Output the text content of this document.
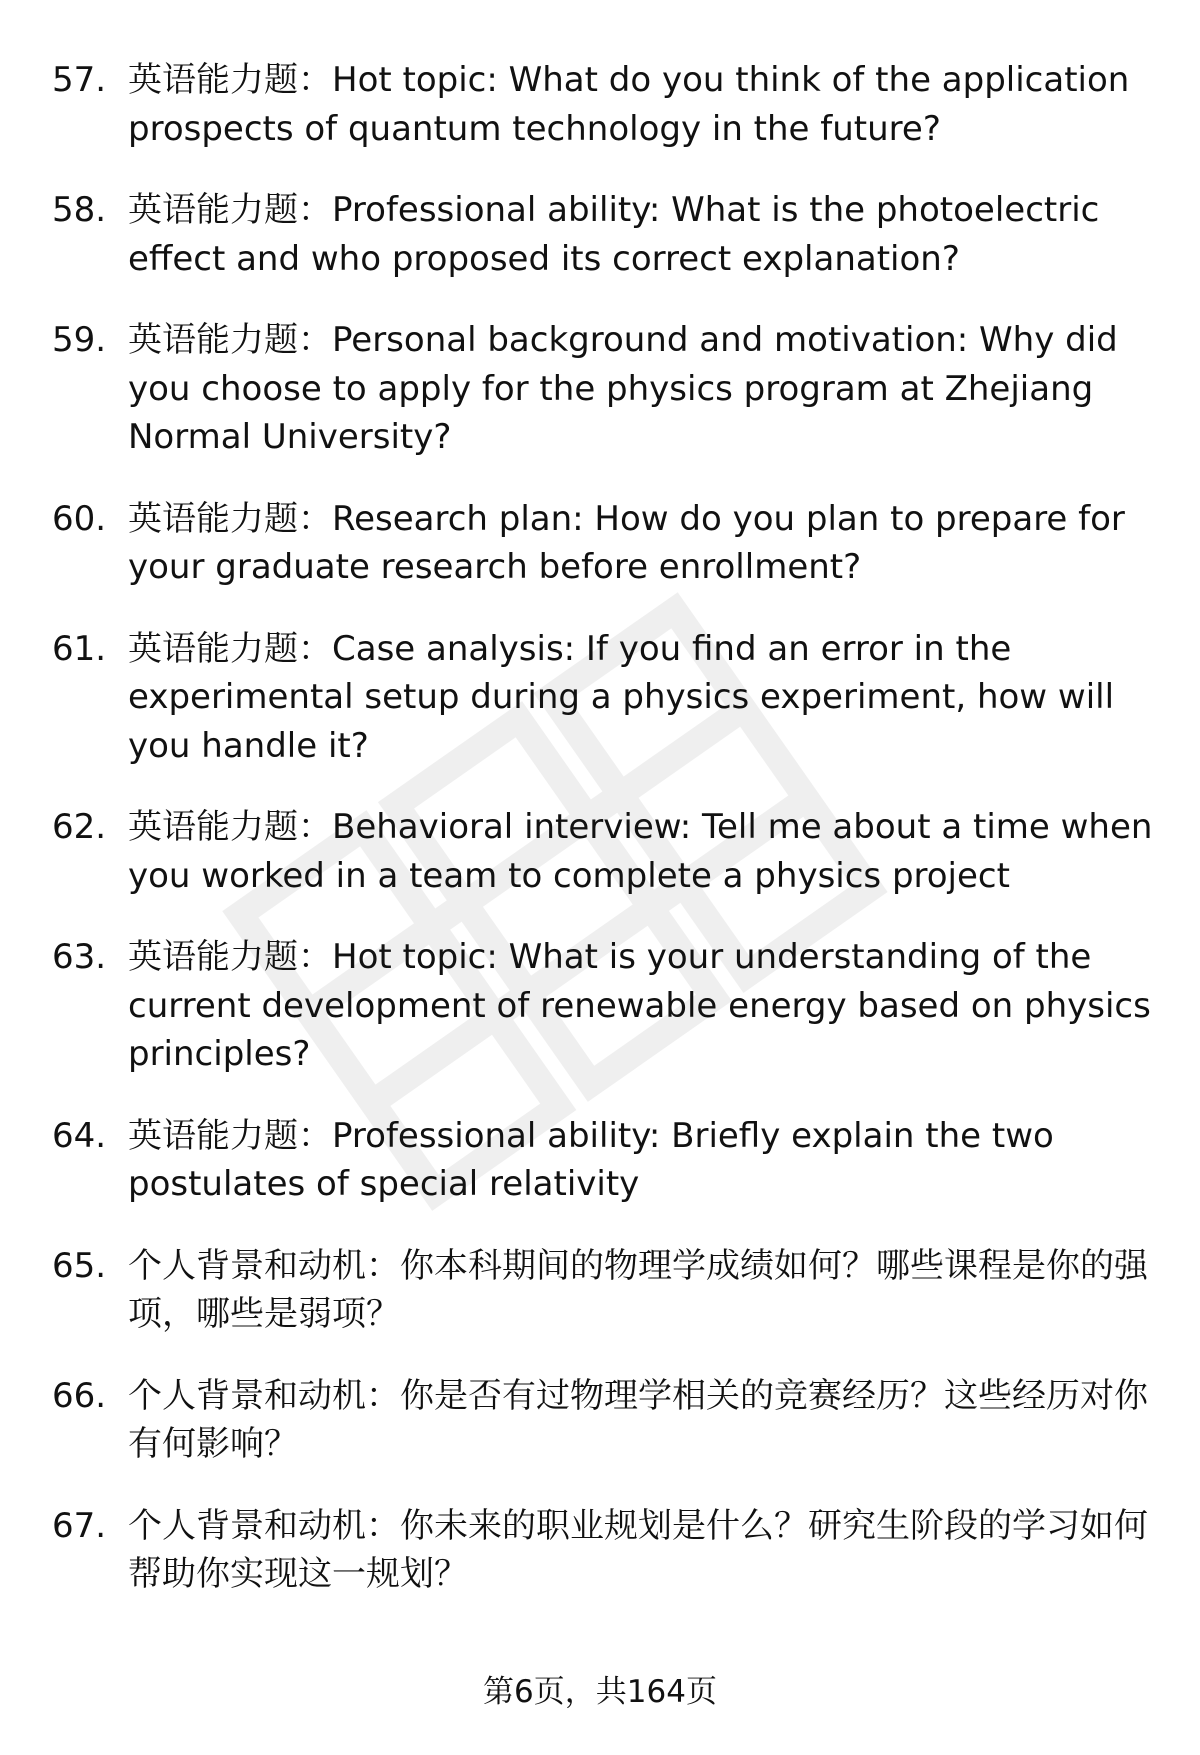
57. 英语能力题：Hot topic: What do you think of the application prospects of quantum technology in the future?
58. 英语能力题：Professional ability: What is the photoelectric effect and who proposed its correct explanation?
59. 英语能力题：Personal background and motivation: Why did you choose to apply for the physics program at Zhejiang Normal University?
60. 英语能力题：Research plan: How do you plan to prepare for your graduate research before enrollment?
61. 英语能力题：Case analysis: If you find an error in the experimental setup during a physics experiment, how will you handle it?
62. 英语能力题：Behavioral interview: Tell me about a time when you worked in a team to complete a physics project
63. 英语能力题：Hot topic: What is your understanding of the current development of renewable energy based on physics principles?
64. 英语能力题：Professional ability: Briefly explain the two postulates of special relativity
65. 个人背景和动机：你本科期间的物理学成绩如何？哪些课程是你的强项，哪些是弱项？
66. 个人背景和动机：你是否有过物理学相关的竞赛经历？这些经历对你有何影响？
67. 个人背景和动机：你未来的职业规划是什么？研究生阶段的学习如何帮助你实现这一规划？
第6页，共164页
